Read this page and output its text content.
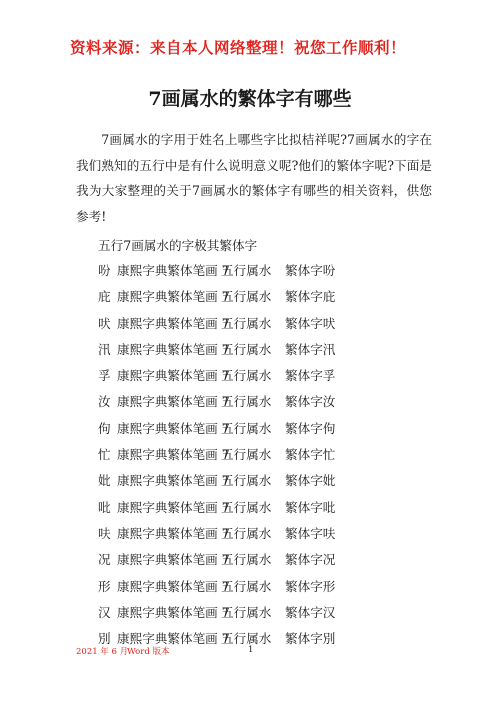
资料来源：来自本人网络整理！祝您工作顺利！
7画属水的繁体字有哪些

7画属水的字用于姓名上哪些字比拟桔祥呢?7画属水的字在我们熟知的五行中是有什么说明意义呢?他们的繁体字呢?下面是我为大家整理的关于7画属水的繁体字有哪些的相关资料，供您参考!

五行7画属水的字极其繁体字
吩 康熙字典繁体笔画 7五行属水 繁体字吩
庇 康熙字典繁体笔画 7五行属水 繁体字庇
吠 康熙字典繁体笔画 7五行属水 繁体字吠
汛 康熙字典繁体笔画 7五行属水 繁体字汛
孚 康熙字典繁体笔画 7五行属水 繁体字孚
汝 康熙字典繁体笔画 7五行属水 繁体字汝
佝 康熙字典繁体笔画 7五行属水 繁体字佝
忙 康熙字典繁体笔画 7五行属水 繁体字忙
妣 康熙字典繁体笔画 7五行属水 繁体字妣
吡 康熙字典繁体笔画 7五行属水 繁体字吡
呋 康熙字典繁体笔画 7五行属水 繁体字呋
况 康熙字典繁体笔画 7五行属水 繁体字况
形 康熙字典繁体笔画 7五行属水 繁体字形
汉 康熙字典繁体笔画 7五行属水 繁体字汉
別 康熙字典繁体笔画 7五行属水 繁体字別
2021 年 6 月
Word 版本	1
